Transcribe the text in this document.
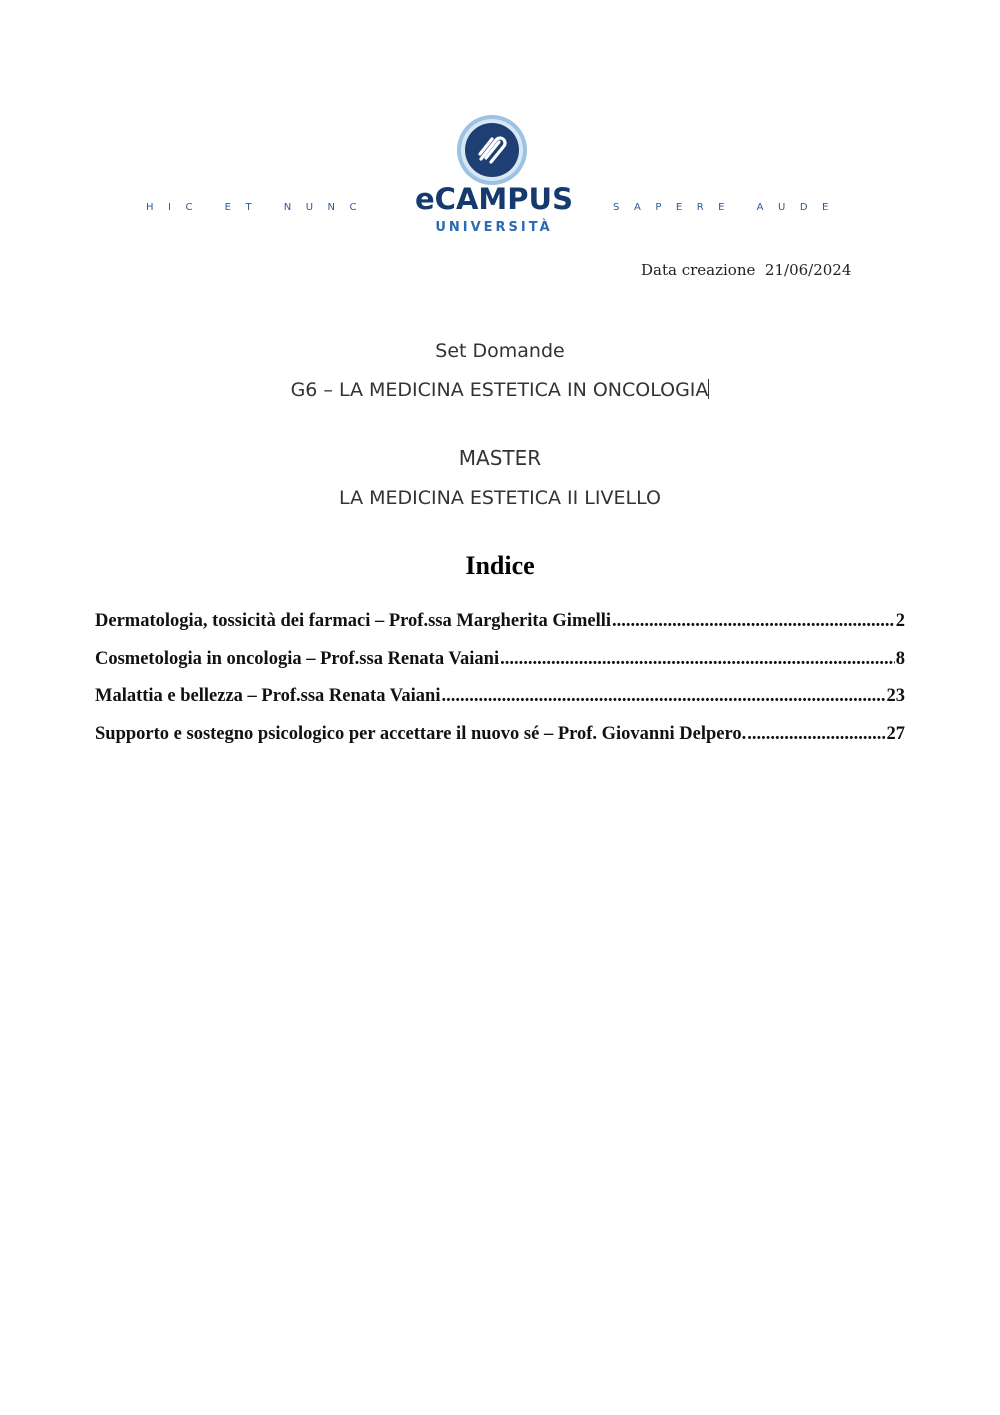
HIC ET NUNC	eCAMPUS
UNIVERSITÀ
SAPERE AUDE
Data creazione 21/06/2024
Set Domande
G6 – LA MEDICINA ESTETICA IN ONCOLOGIA
MASTER
LA MEDICINA ESTETICA II LIVELLO
Indice
Dermatologia, tossicità dei farmaci – Prof.ssa Margherita Gimelli .....	2
Cosmetologia in oncologia – Prof.ssa Renata Vaiani .....	8
Malattia e bellezza – Prof.ssa Renata Vaiani .....	23
Supporto e sostegno psicologico per accettare il nuovo sé – Prof. Giovanni Delpero. .....	27
